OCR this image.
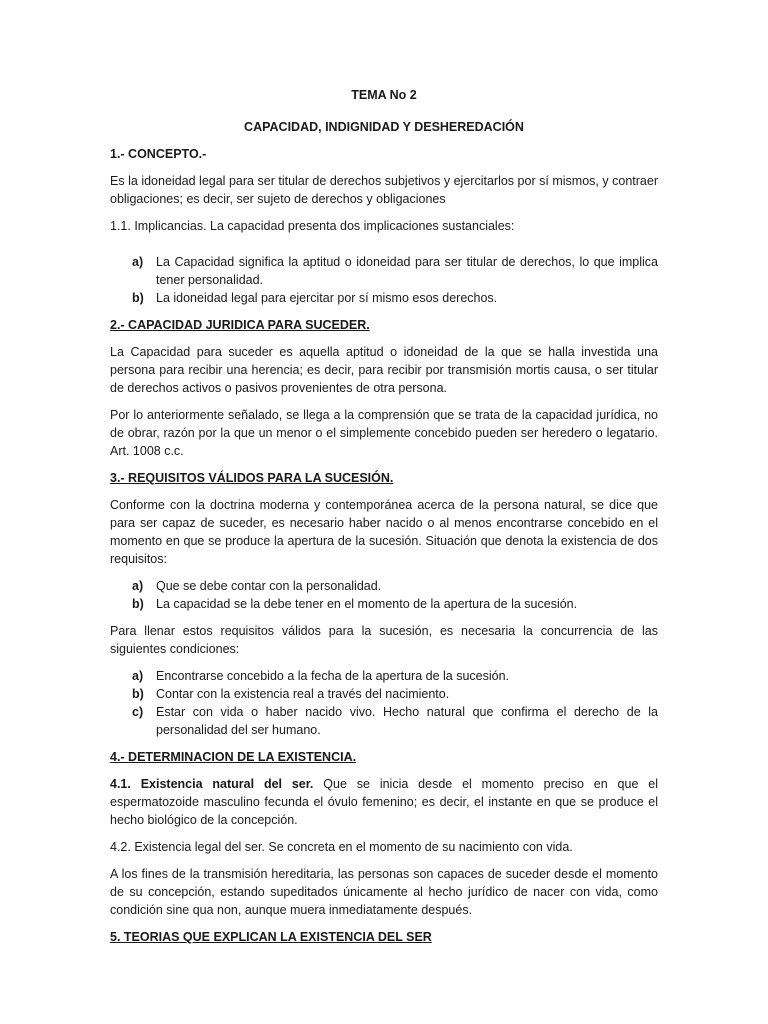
TEMA No 2
CAPACIDAD, INDIGNIDAD Y DESHEREDACIÓN

1.- CONCEPTO.-

Es la idoneidad legal para ser titular de derechos subjetivos y ejercitarlos por sí mismos, y contraer obligaciones; es decir, ser sujeto de derechos y obligaciones

1.1. Implicancias. La capacidad presenta dos implicaciones sustanciales:

a) La Capacidad significa la aptitud o idoneidad para ser titular de derechos, lo que implica tener personalidad.
b) La idoneidad legal para ejercitar por sí mismo esos derechos.

2.- CAPACIDAD JURIDICA PARA SUCEDER.

La Capacidad para suceder es aquella aptitud o idoneidad de la que se halla investida una persona para recibir una herencia; es decir, para recibir por transmisión mortis causa, o ser titular de derechos activos o pasivos provenientes de otra persona.

Por lo anteriormente señalado, se llega a la comprensión que se trata de la capacidad jurídica, no de obrar, razón por la que un menor o el simplemente concebido pueden ser heredero o legatario. Art. 1008 c.c.

3.- REQUISITOS VÁLIDOS PARA LA SUCESIÓN.

Conforme con la doctrina moderna y contemporánea acerca de la persona natural, se dice que para ser capaz de suceder, es necesario haber nacido o al menos encontrarse concebido en el momento en que se produce la apertura de la sucesión. Situación que denota la existencia de dos requisitos:

a) Que se debe contar con la personalidad.
b) La capacidad se la debe tener en el momento de la apertura de la sucesión.

Para llenar estos requisitos válidos para la sucesión, es necesaria la concurrencia de las siguientes condiciones:

a) Encontrarse concebido a la fecha de la apertura de la sucesión.
b) Contar con la existencia real a través del nacimiento.
c) Estar con vida o haber nacido vivo. Hecho natural que confirma el derecho de la personalidad del ser humano.

4.- DETERMINACION DE LA EXISTENCIA.

4.1. Existencia natural del ser. Que se inicia desde el momento preciso en que el espermatozoide masculino fecunda el óvulo femenino; es decir, el instante en que se produce el hecho biológico de la concepción.

4.2. Existencia legal del ser. Se concreta en el momento de su nacimiento con vida.

A los fines de la transmisión hereditaria, las personas son capaces de suceder desde el momento de su concepción, estando supeditados únicamente al hecho jurídico de nacer con vida, como condición sine qua non, aunque muera inmediatamente después.

5. TEORIAS QUE EXPLICAN LA EXISTENCIA DEL SER
